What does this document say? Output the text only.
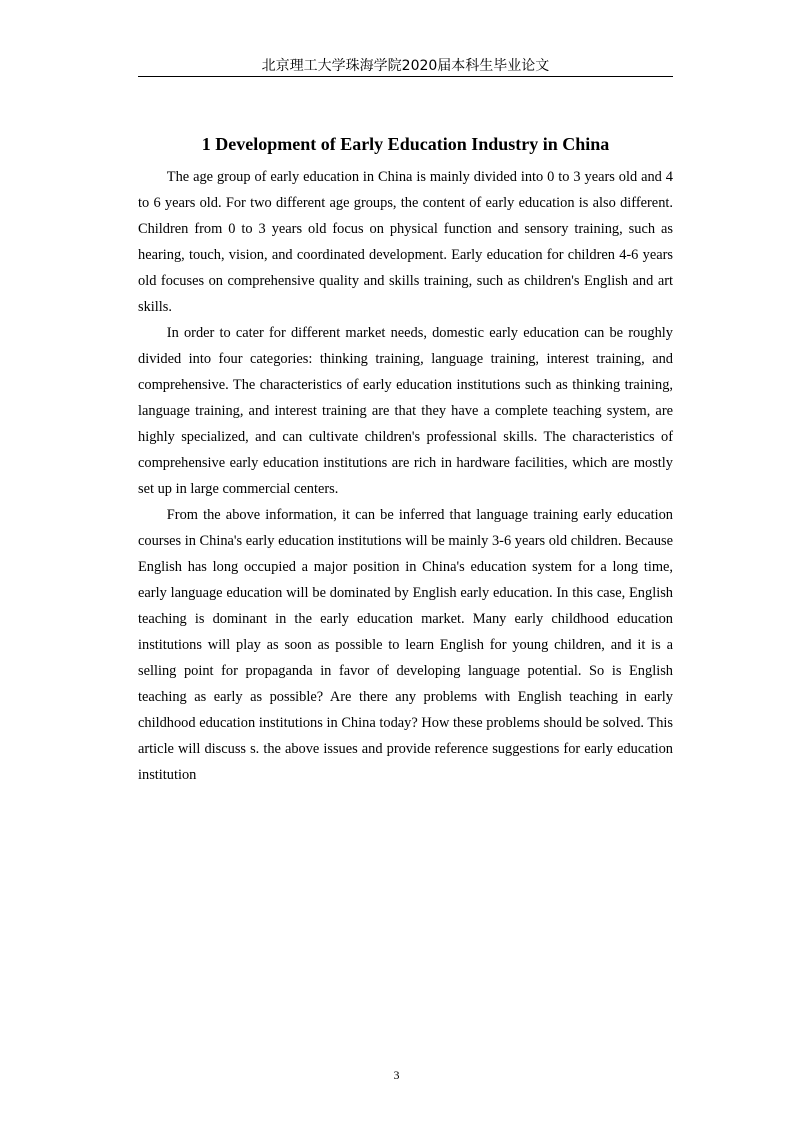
北京理工大学珠海学院2020届本科生毕业论文
1 Development of Early Education Industry in China

The age group of early education in China is mainly divided into 0 to 3 years old and 4 to 6 years old. For two different age groups, the content of early education is also different. Children from 0 to 3 years old focus on physical function and sensory training, such as hearing, touch, vision, and coordinated development. Early education for children 4-6 years old focuses on comprehensive quality and skills training, such as children's English and art skills.

In order to cater for different market needs, domestic early education can be roughly divided into four categories: thinking training, language training, interest training, and comprehensive. The characteristics of early education institutions such as thinking training, language training, and interest training are that they have a complete teaching system, are highly specialized, and can cultivate children's professional skills. The characteristics of comprehensive early education institutions are rich in hardware facilities, which are mostly set up in large commercial centers.

From the above information, it can be inferred that language training early education courses in China's early education institutions will be mainly 3-6 years old children. Because English has long occupied a major position in China's education system for a long time, early language education will be dominated by English early education. In this case, English teaching is dominant in the early education market. Many early childhood education institutions will play as soon as possible to learn English for young children, and it is a selling point for propaganda in favor of developing language potential. So is English teaching as early as possible? Are there any problems with English teaching in early childhood education institutions in China today? How these problems should be solved. This article will discuss s. the above issues and provide reference suggestions for early education institution

3
